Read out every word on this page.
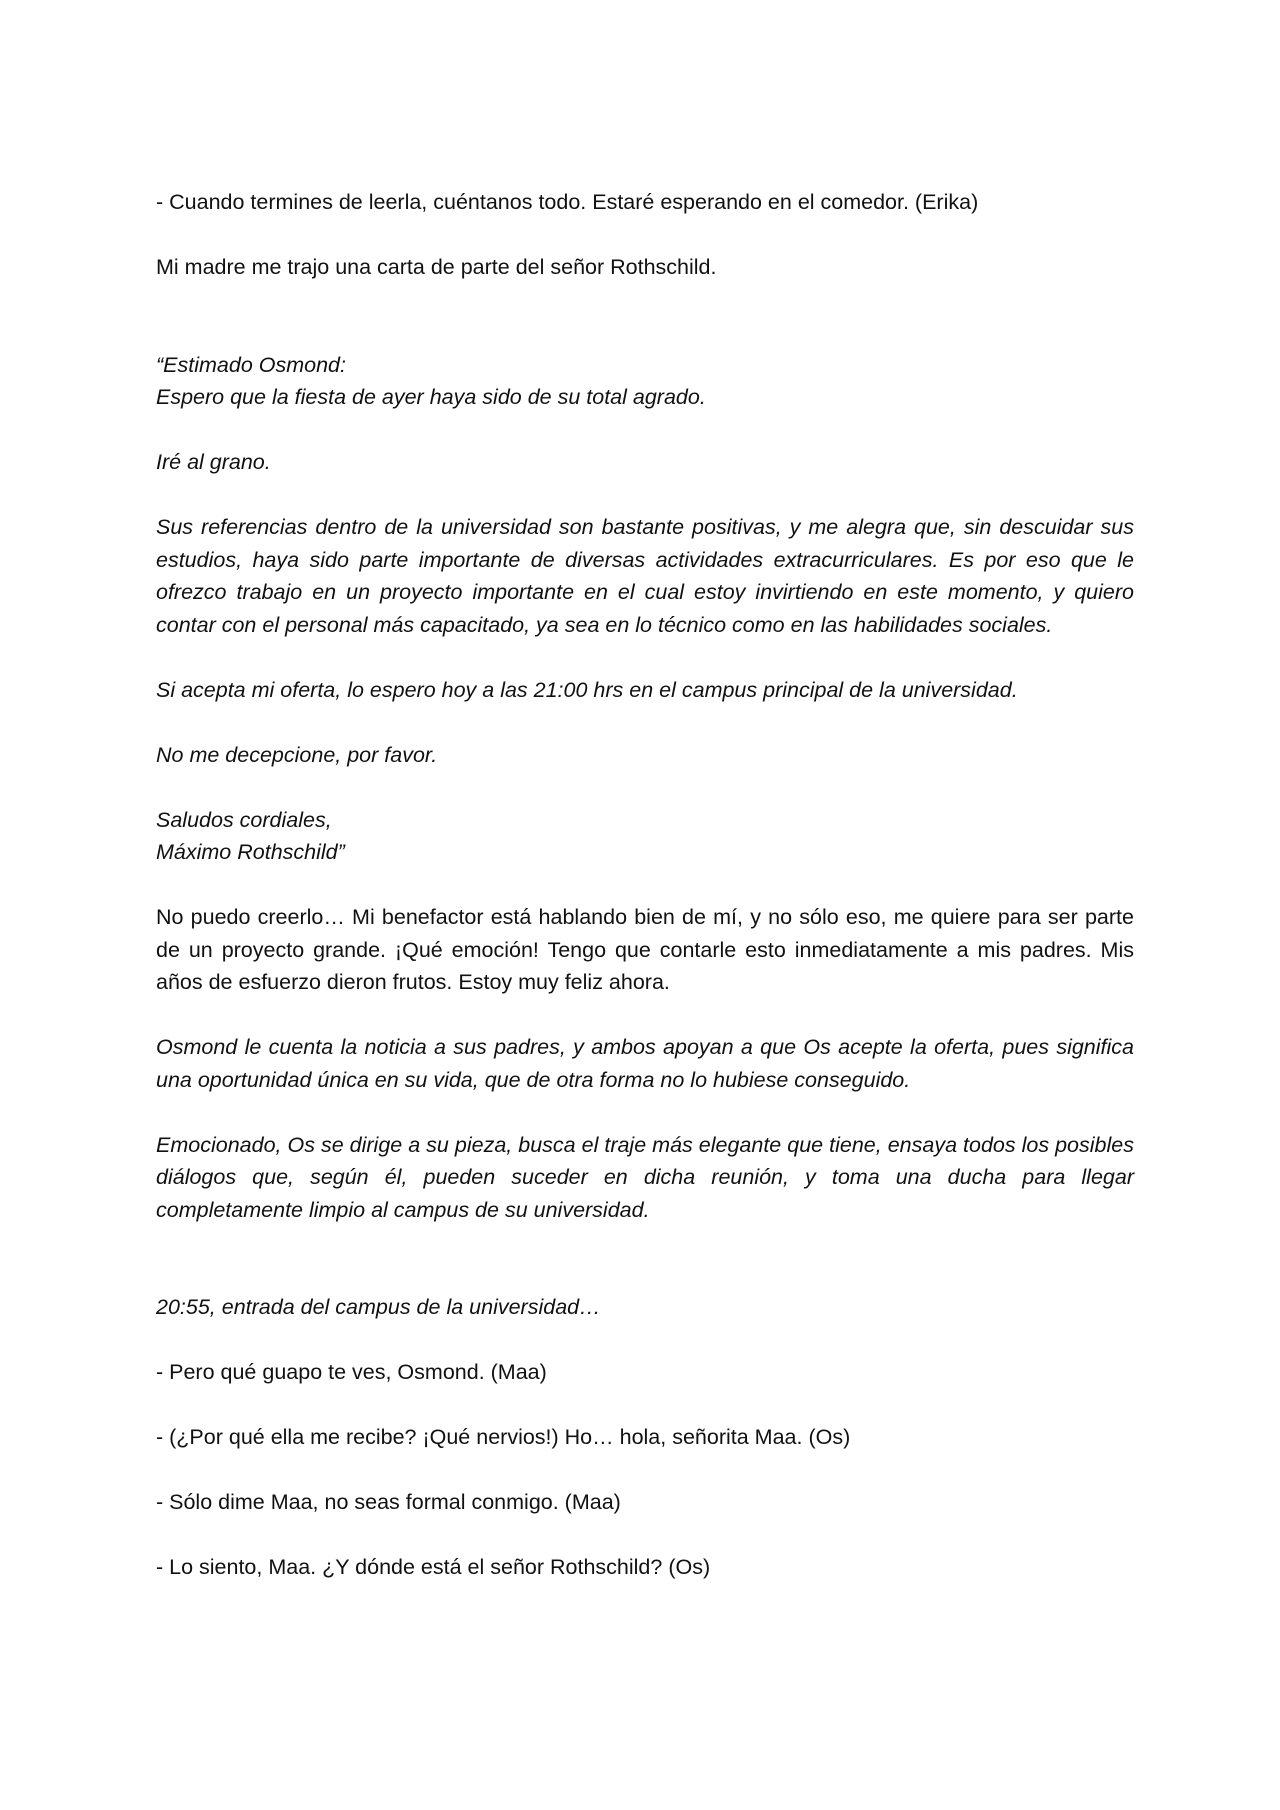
- Cuando termines de leerla, cuéntanos todo. Estaré esperando en el comedor. (Erika)

Mi madre me trajo una carta de parte del señor Rothschild.

“Estimado Osmond:
Espero que la fiesta de ayer haya sido de su total agrado.

Iré al grano.

Sus referencias dentro de la universidad son bastante positivas, y me alegra que, sin descuidar sus estudios, haya sido parte importante de diversas actividades extracurriculares. Es por eso que le ofrezco trabajo en un proyecto importante en el cual estoy invirtiendo en este momento, y quiero contar con el personal más capacitado, ya sea en lo técnico como en las habilidades sociales.

Si acepta mi oferta, lo espero hoy a las 21:00 hrs en el campus principal de la universidad.

No me decepcione, por favor.

Saludos cordiales,
Máximo Rothschild”

No puedo creerlo… Mi benefactor está hablando bien de mí, y no sólo eso, me quiere para ser parte de un proyecto grande. ¡Qué emoción! Tengo que contarle esto inmediatamente a mis padres. Mis años de esfuerzo dieron frutos. Estoy muy feliz ahora.

Osmond le cuenta la noticia a sus padres, y ambos apoyan a que Os acepte la oferta, pues significa una oportunidad única en su vida, que de otra forma no lo hubiese conseguido.

Emocionado, Os se dirige a su pieza, busca el traje más elegante que tiene, ensaya todos los posibles diálogos que, según él, pueden suceder en dicha reunión, y toma una ducha para llegar completamente limpio al campus de su universidad.

20:55, entrada del campus de la universidad…

- Pero qué guapo te ves, Osmond. (Maa)

- (¿Por qué ella me recibe? ¡Qué nervios!) Ho… hola, señorita Maa. (Os)

- Sólo dime Maa, no seas formal conmigo. (Maa)

- Lo siento, Maa. ¿Y dónde está el señor Rothschild? (Os)
